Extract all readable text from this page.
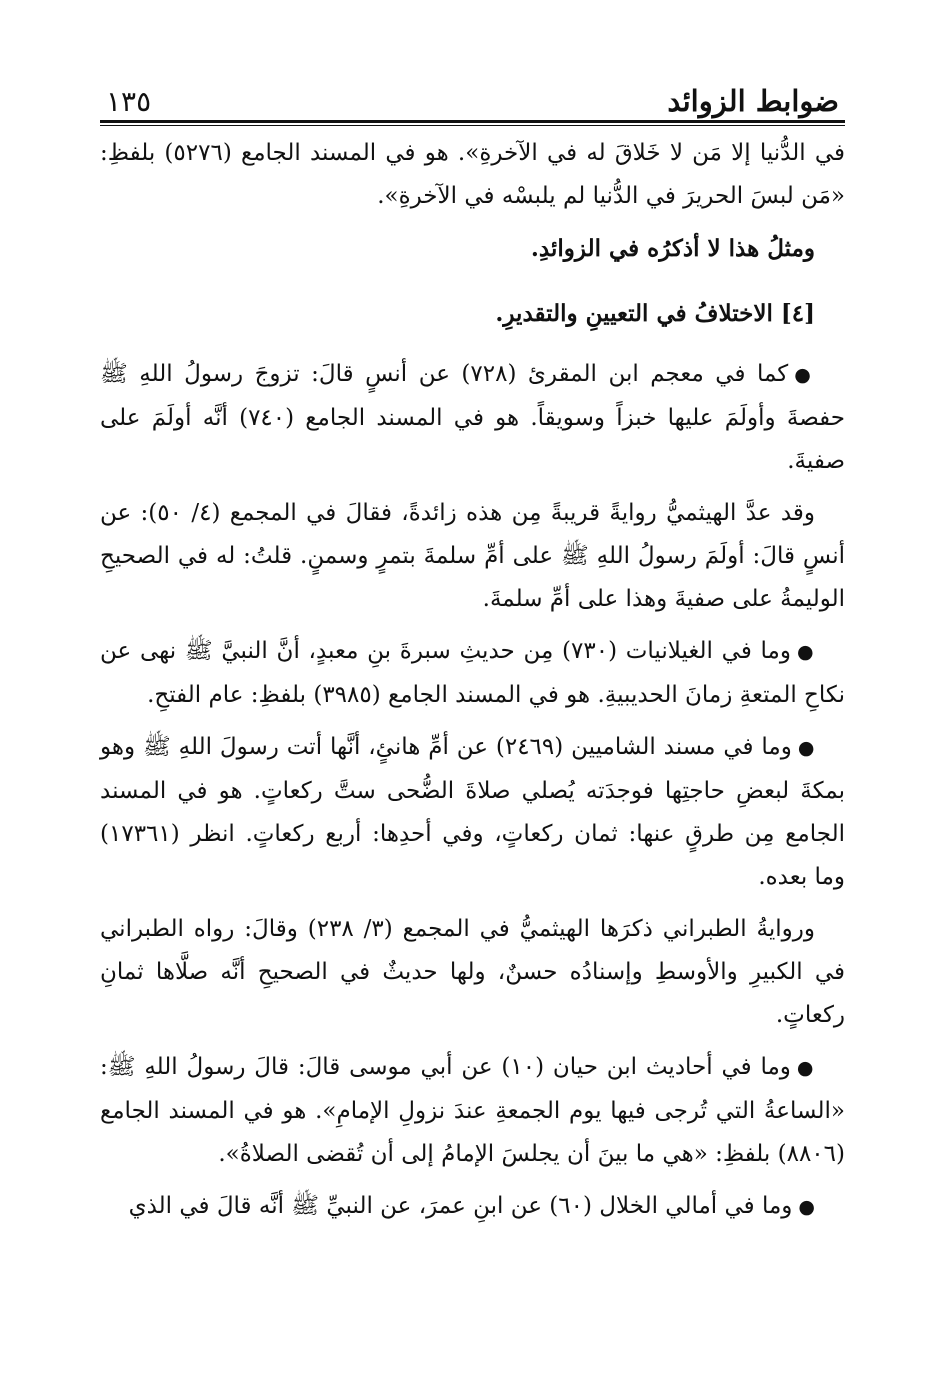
ضوابط الزوائد
١٣٥

في الدُّنيا إلا مَن لا خَلاقَ له في الآخرةِ». هو في المسند الجامع (٥٢٧٦) بلفظِ: «مَن لبسَ الحريرَ في الدُّنيا لم يلبسْه في الآخرةِ».

ومثلُ هذا لا أذكرُه في الزوائدِ.

[٤] الاختلافُ في التعيينِ والتقديرِ.

●كما في معجم ابن المقرئ (٧٢٨) عن أنسٍ قالَ: تزوجَ رسولُ اللهِ ﷺ حفصةَ وأولَمَ عليها خبزاً وسويقاً. هو في المسند الجامع (٧٤٠) أنَّه أولَمَ على صفيةَ.

وقد عدَّ الهيثميُّ روايةً قريبةً مِن هذه زائدةً، فقالَ في المجمع (٤/ ٥٠): عن أنسٍ قالَ: أولَمَ رسولُ اللهِ ﷺ على أمِّ سلمةَ بتمرٍ وسمنٍ. قلتُ: له في الصحيحِ الوليمةُ على صفيةَ وهذا على أمِّ سلمةَ.

●وما في الغيلانيات (٧٣٠) مِن حديثِ سبرةَ بنِ معبدٍ، أنَّ النبيَّ ﷺ نهى عن نكاحِ المتعةِ زمانَ الحديبيةِ. هو في المسند الجامع (٣٩٨٥) بلفظِ: عام الفتحِ.

●وما في مسند الشاميين (٢٤٦٩) عن أمِّ هانئٍ، أنَّها أتت رسولَ اللهِ ﷺ وهو بمكةَ لبعضِ حاجتِها فوجدَته يُصلي صلاةَ الضُّحى ستَّ ركعاتٍ. هو في المسند الجامع مِن طرقٍ عنها: ثمان ركعاتٍ، وفي أحدِها: أربع ركعاتٍ. انظر (١٧٣٦١) وما بعده.

وروايةُ الطبراني ذكرَها الهيثميُّ في المجمع (٣/ ٢٣٨) وقالَ: رواه الطبراني في الكبيرِ والأوسطِ وإسنادُه حسنٌ، ولها حديثٌ في الصحيحِ أنَّه صلَّاها ثمانِ ركعاتٍ.

●وما في أحاديث ابن حيان (١٠) عن أبي موسى قالَ: قالَ رسولُ اللهِ ﷺ: «الساعةُ التي تُرجى فيها يوم الجمعةِ عندَ نزولِ الإمامِ». هو في المسند الجامع (٨٨٠٦) بلفظِ: «هي ما بينَ أن يجلسَ الإمامُ إلى أن تُقضى الصلاةُ».

●وما في أمالي الخلال (٦٠) عن ابنِ عمرَ، عن النبيِّ ﷺ أنَّه قالَ في الذي
